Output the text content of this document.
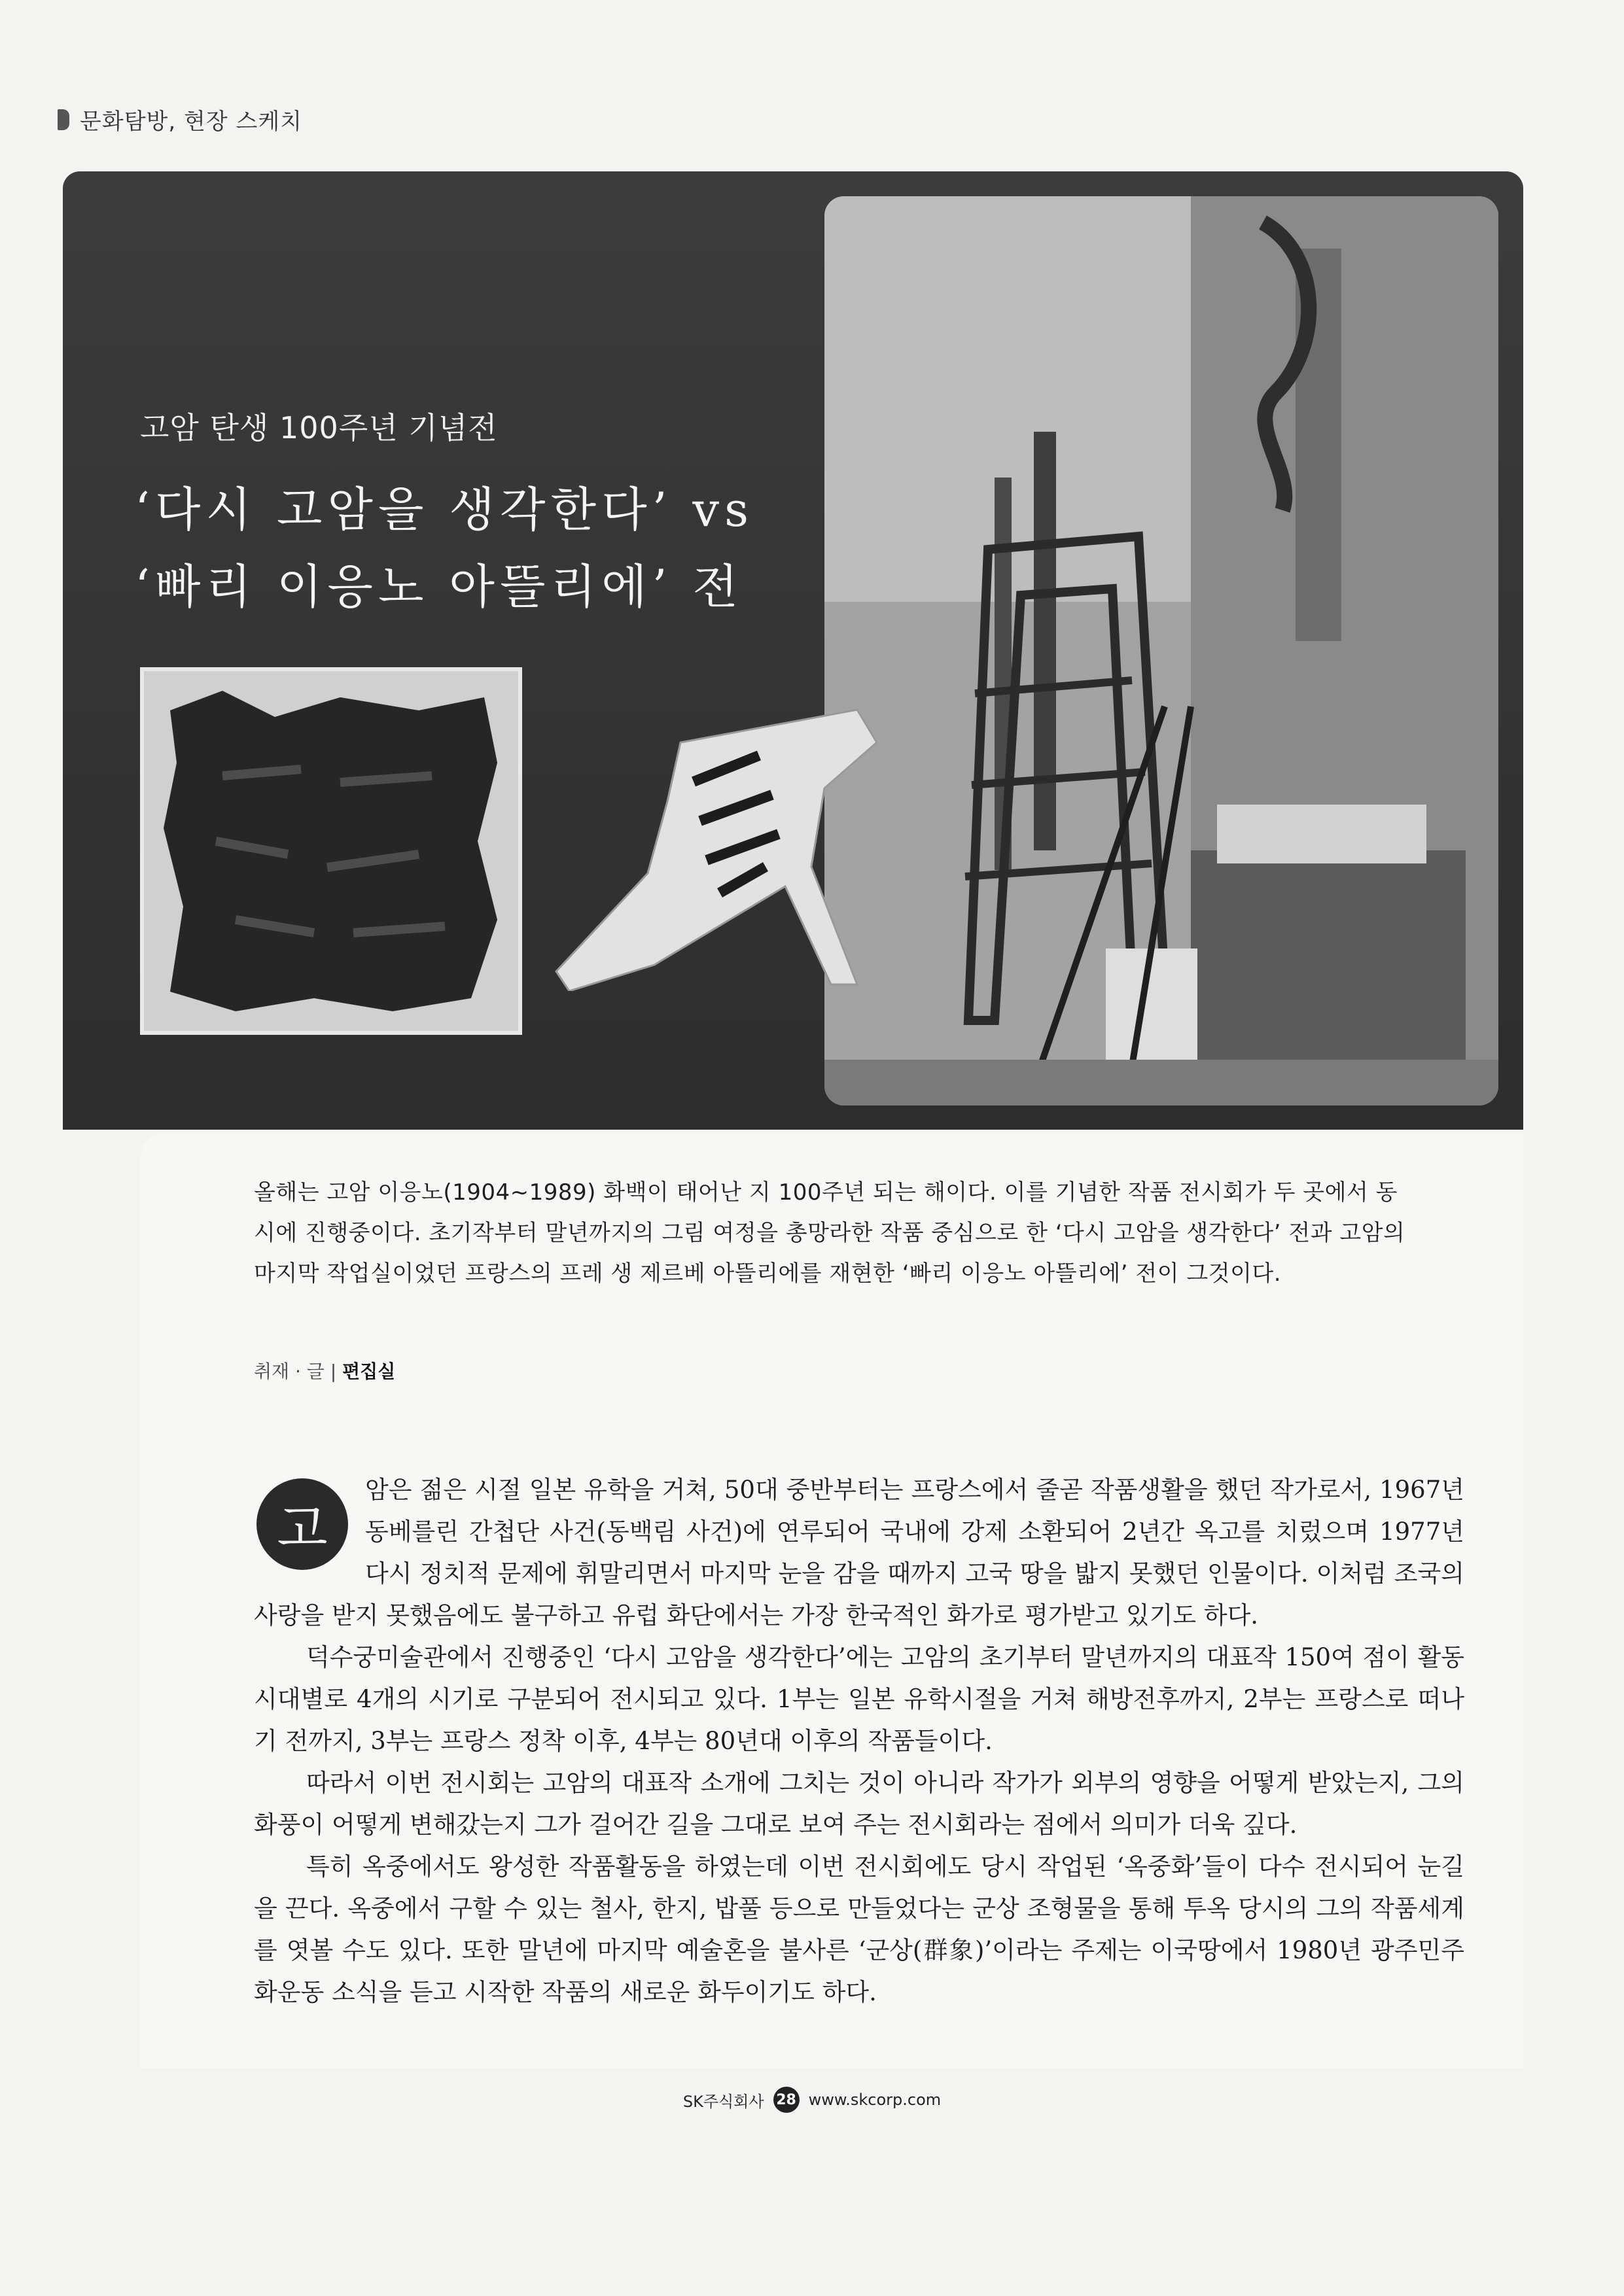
문화탐방, 현장 스케치
고암 탄생 100주년 기념전
‘다시 고암을 생각한다’ vs
‘빠리 이응노 아뜰리에’ 전
올해는 고암 이응노(1904~1989) 화백이 태어난 지 100주년 되는 해이다. 이를 기념한 작품 전시회가 두 곳에서 동시에 진행중이다. 초기작부터 말년까지의 그림 여정을 총망라한 작품 중심으로 한 ‘다시 고암을 생각한다’ 전과 고암의 마지막 작업실이었던 프랑스의 프레 생 제르베 아뜰리에를 재현한 ‘빠리 이응노 아뜰리에’ 전이 그것이다.
취재 · 글 | 편집실
고

암은 젊은 시절 일본 유학을 거쳐, 50대 중반부터는 프랑스에서 줄곧 작품생활을 했던 작가로서, 1967년 동베를린 간첩단 사건(동백림 사건)에 연루되어 국내에 강제 소환되어 2년간 옥고를 치렀으며 1977년 다시 정치적 문제에 휘말리면서 마지막 눈을 감을 때까지 고국 땅을 밟지 못했던 인물이다. 이처럼 조국의 사랑을 받지 못했음에도 불구하고 유럽 화단에서는 가장 한국적인 화가로 평가받고 있기도 하다.

덕수궁미술관에서 진행중인 ‘다시 고암을 생각한다’에는 고암의 초기부터 말년까지의 대표작 150여 점이 활동 시대별로 4개의 시기로 구분되어 전시되고 있다. 1부는 일본 유학시절을 거쳐 해방전후까지, 2부는 프랑스로 떠나기 전까지, 3부는 프랑스 정착 이후, 4부는 80년대 이후의 작품들이다.

따라서 이번 전시회는 고암의 대표작 소개에 그치는 것이 아니라 작가가 외부의 영향을 어떻게 받았는지, 그의 화풍이 어떻게 변해갔는지 그가 걸어간 길을 그대로 보여 주는 전시회라는 점에서 의미가 더욱 깊다.

특히 옥중에서도 왕성한 작품활동을 하였는데 이번 전시회에도 당시 작업된 ‘옥중화’들이 다수 전시되어 눈길을 끈다. 옥중에서 구할 수 있는 철사, 한지, 밥풀 등으로 만들었다는 군상 조형물을 통해 투옥 당시의 그의 작품세계를 엿볼 수도 있다. 또한 말년에 마지막 예술혼을 불사른 ‘군상(群象)’이라는 주제는 이국땅에서 1980년 광주민주화운동 소식을 듣고 시작한 작품의 새로운 화두이기도 하다.

SK주식회사 28 www.skcorp.com
